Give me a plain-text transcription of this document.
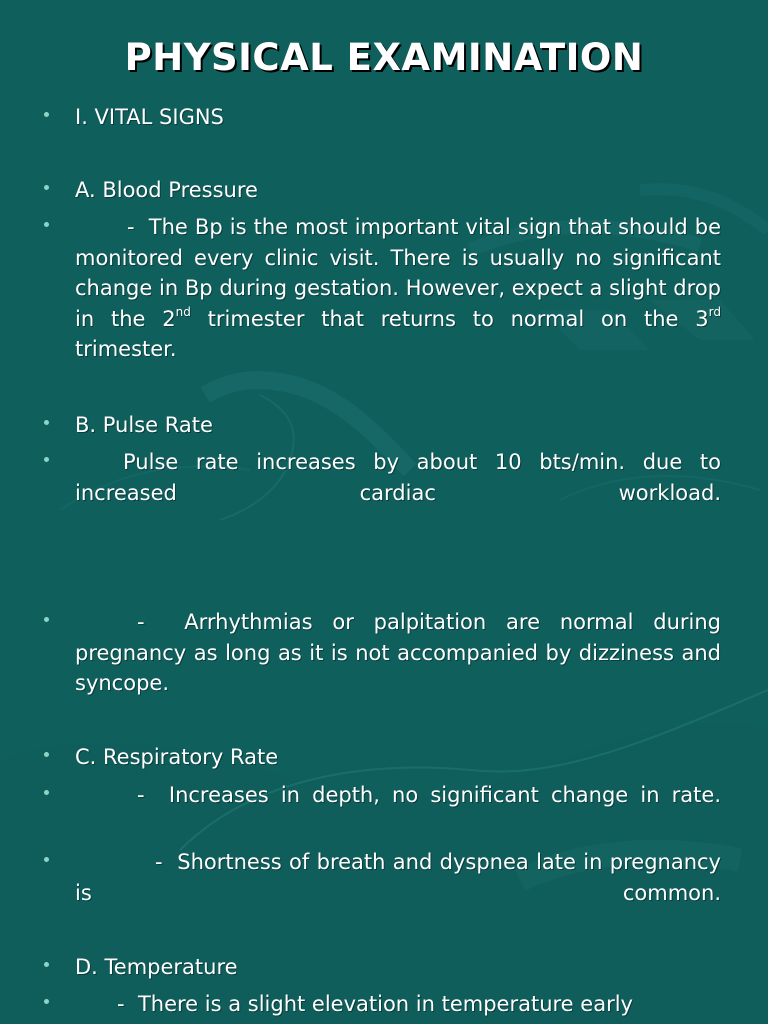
PHYSICAL EXAMINATION
I. VITAL SIGNS
A. Blood Pressure
- The Bp is the most important vital sign that should be monitored every clinic visit. There is usually no significant change in Bp during gestation. However, expect a slight drop in the 2nd trimester that returns to normal on the 3rd trimester.
B. Pulse Rate
Pulse rate increases by about 10 bts/min. due to increased cardiac workload.
- Arrhythmias or palpitation are normal during pregnancy as long as it is not accompanied by dizziness and syncope.
C. Respiratory Rate
- Increases in depth, no significant change in rate.
- Shortness of breath and dyspnea late in pregnancy is common.
D. Temperature
- There is a slight elevation in temperature early
